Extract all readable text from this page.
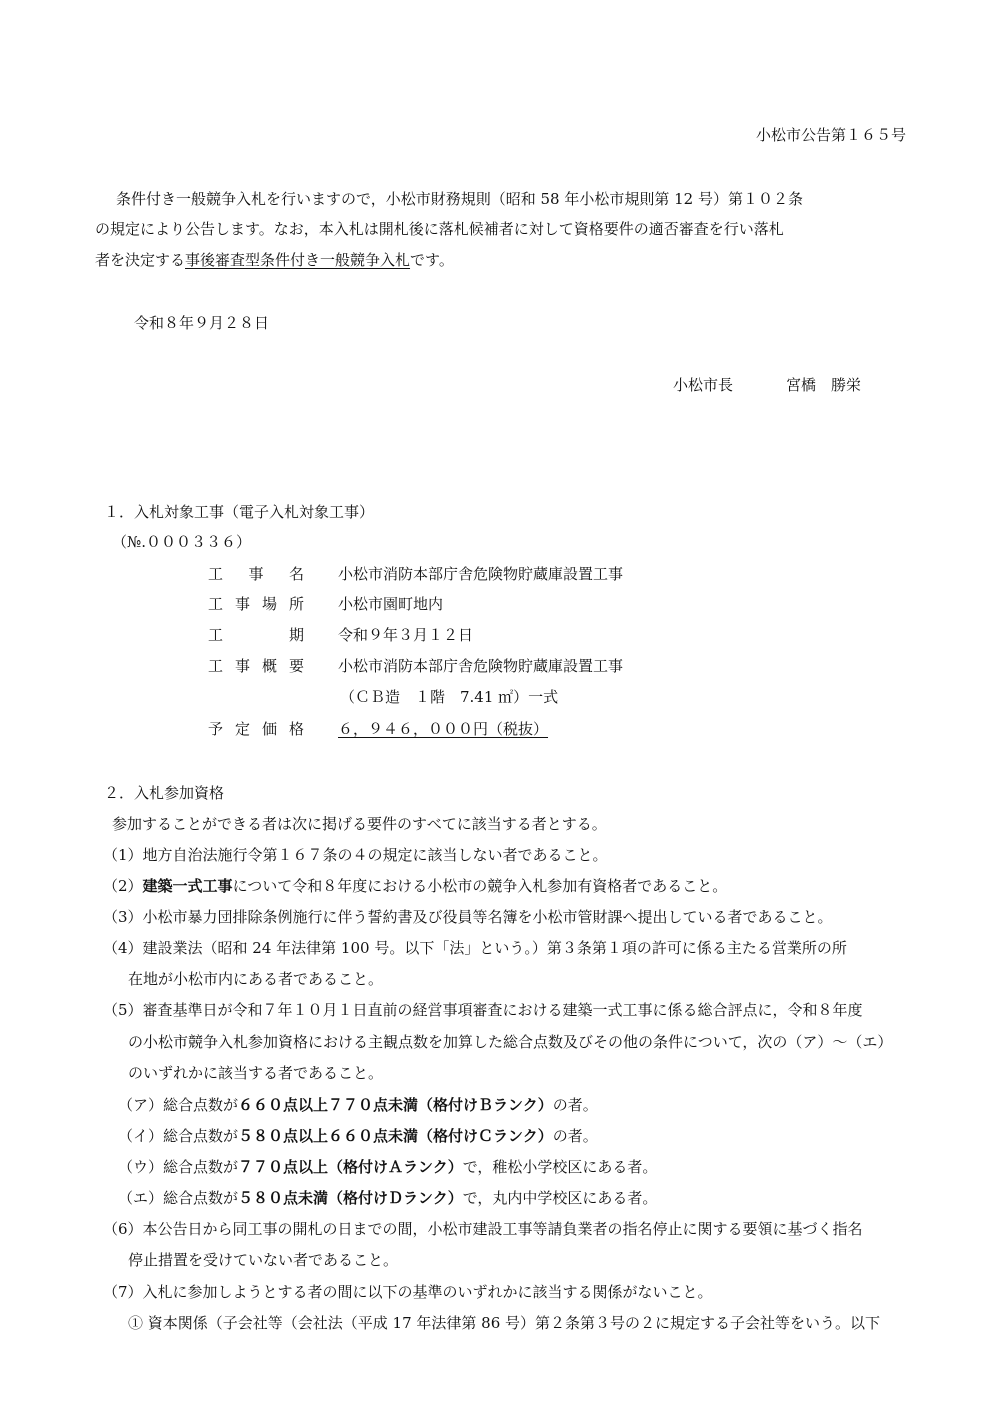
小松市公告第１６５号
条件付き一般競争入札を行いますので，小松市財務規則（昭和 58 年小松市規則第 12 号）第１０２条
の規定により公告します。なお，本入札は開札後に落札候補者に対して資格要件の適否審査を行い落札
者を決定する事後審査型条件付き一般競争入札です。
令和８年９月２８日
小松市長	宮橋　勝栄
１．入札対象工事（電子入札対象工事）
（№.０００３３６）
工 事 名 小松市消防本部庁舎危険物貯蔵庫設置工事
工 事 場 所 小松市園町地内
工	期 令和９年３月１２日
工 事 概 要 小松市消防本部庁舎危険物貯蔵庫設置工事
（ＣＢ造　１階　7.41 ㎡）一式
予 定 価 格 ６，９４６，０００円（税抜）
２．入札参加資格
参加することができる者は次に掲げる要件のすべてに該当する者とする。
（1）地方自治法施行令第１６７条の４の規定に該当しない者であること。
（2）建築一式工事について令和８年度における小松市の競争入札参加有資格者であること。
（3）小松市暴力団排除条例施行に伴う誓約書及び役員等名簿を小松市管財課へ提出している者であること。
（4）建設業法（昭和 24 年法律第 100 号。以下「法」という。）第３条第１項の許可に係る主たる営業所の所
在地が小松市内にある者であること。
（5）審査基準日が令和７年１０月１日直前の経営事項審査における建築一式工事に係る総合評点に，令和８年度
の小松市競争入札参加資格における主観点数を加算した総合点数及びその他の条件について，次の（ア）～（エ）
のいずれかに該当する者であること。
（ア）総合点数が６６０点以上７７０点未満（格付けＢランク）の者。
（イ）総合点数が５８０点以上６６０点未満（格付けＣランク）の者。
（ウ）総合点数が７７０点以上（格付けＡランク）で，稚松小学校区にある者。
（エ）総合点数が５８０点未満（格付けＤランク）で，丸内中学校区にある者。
（6）本公告日から同工事の開札の日までの間，小松市建設工事等請負業者の指名停止に関する要領に基づく指名
停止措置を受けていない者であること。
（7）入札に参加しようとする者の間に以下の基準のいずれかに該当する関係がないこと。
① 資本関係（子会社等（会社法（平成 17 年法律第 86 号）第２条第３号の２に規定する子会社等をいう。以下
